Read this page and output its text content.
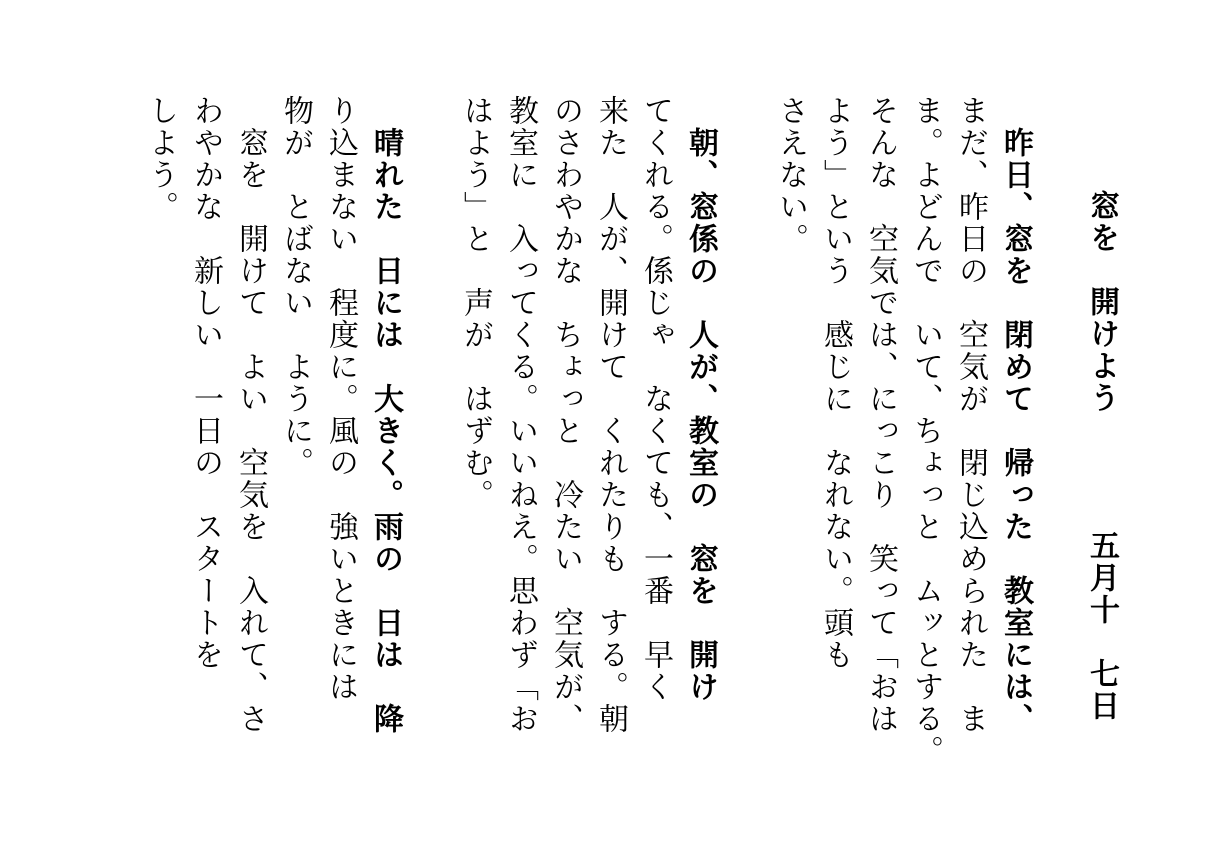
窓を　開けよう
五月十　七日
　昨日、窓を　閉めて　帰った　教室には、
まだ、昨日の　空気が　閉じ込められた　ま
ま。よどんで　いて、ちょっと　ムッとする。
そんな　空気では、にっこり　笑って「おは
よう」という　感じに　なれない。頭も
さえない。
　朝、窓係の　人が、教室の　窓を　開け
てくれる。係じゃ　なくても、一番　早く
来た　人が、開けて　くれたりも　する。朝
のさわやかな　ちょっと　冷たい　空気が、
教室に　入ってくる。いいねえ。思わず「お
はよう」と　声が　はずむ。
　晴れた　日には　大きく。雨の　日は　降
り込まない　程度に。風の　強いときには
物が　とばない　ように。
　窓を　開けて　よい　空気を　入れて、さ
わやかな　新しい　一日の　スタートを
しよう。
